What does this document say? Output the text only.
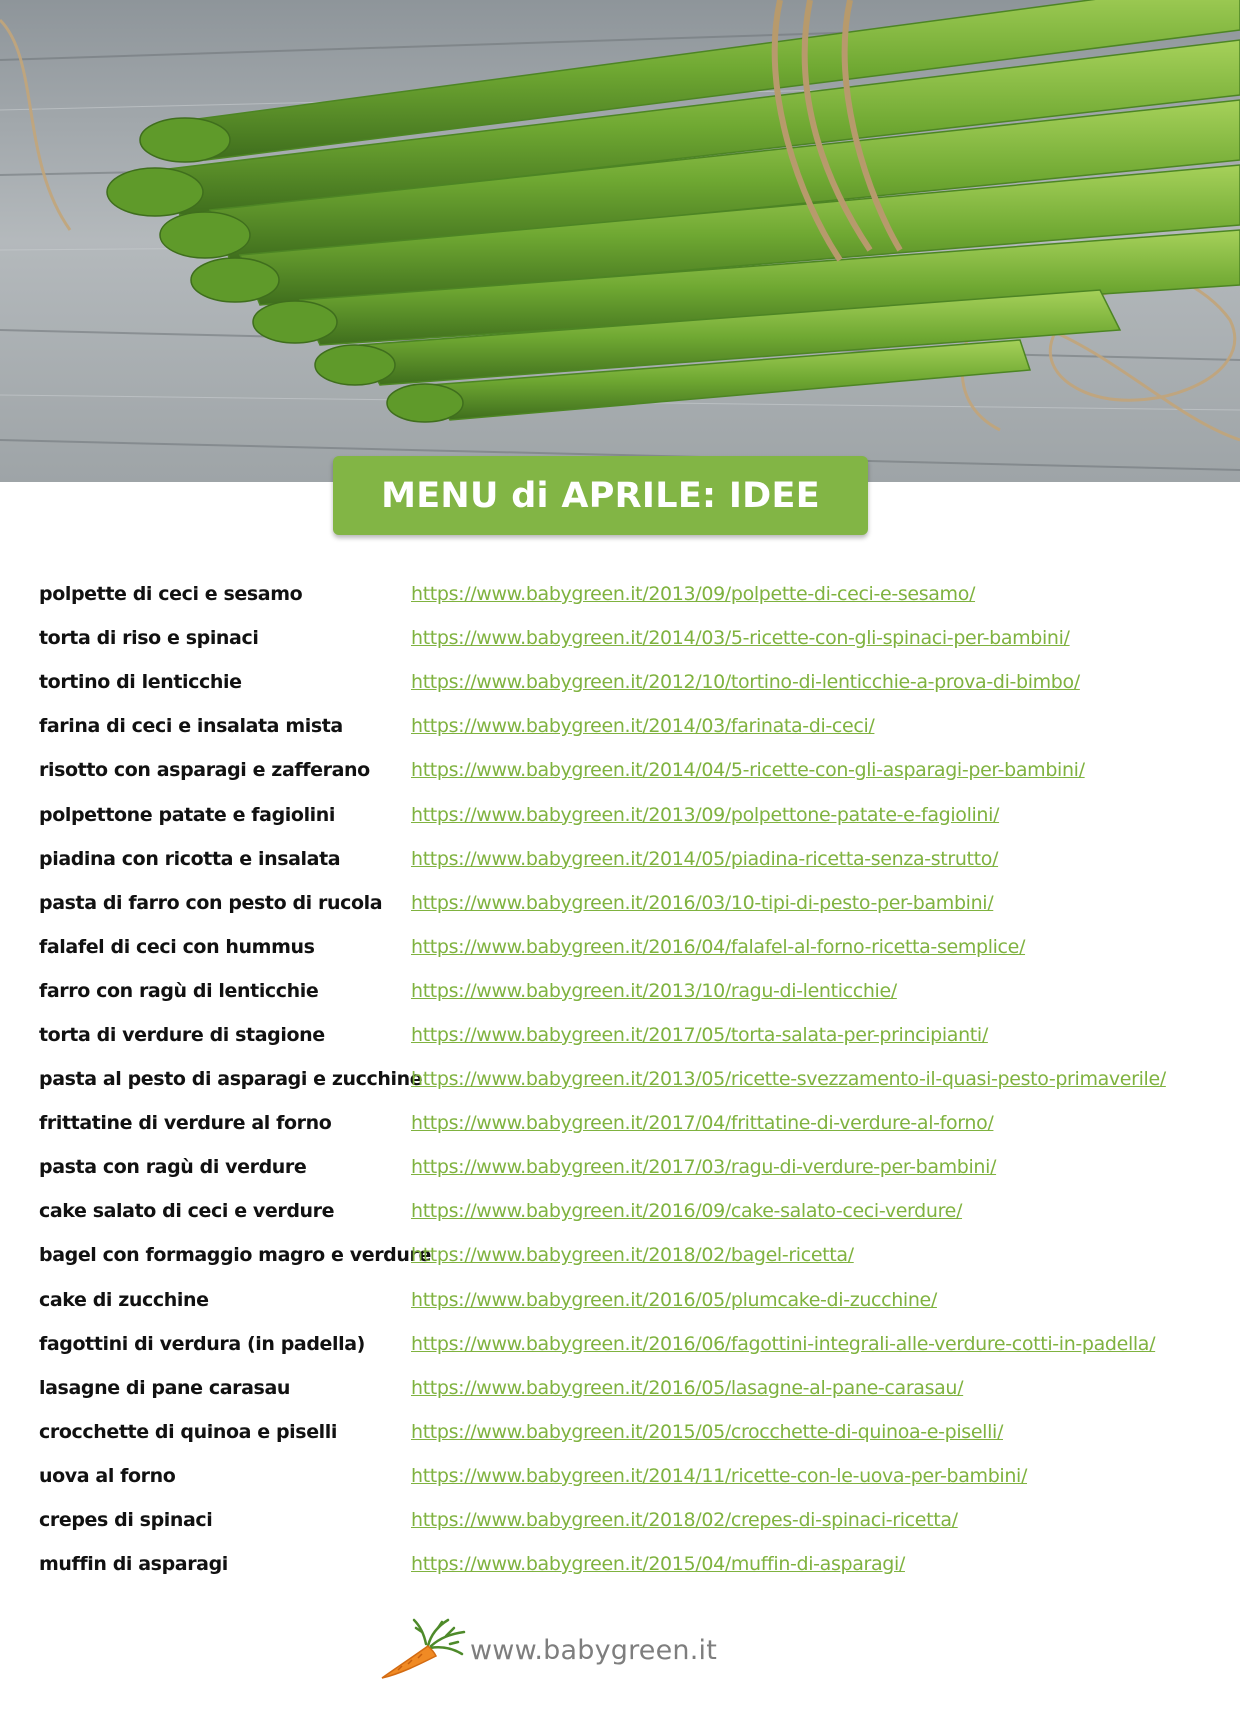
MENU di APRILE: IDEE
polpette di ceci e sesamo	https://www.babygreen.it/2013/09/polpette-di-ceci-e-sesamo/
torta di riso e spinaci	https://www.babygreen.it/2014/03/5-ricette-con-gli-spinaci-per-bambini/
tortino di lenticchie	https://www.babygreen.it/2012/10/tortino-di-lenticchie-a-prova-di-bimbo/
farina di ceci e insalata mista	https://www.babygreen.it/2014/03/farinata-di-ceci/
risotto con asparagi e zafferano	https://www.babygreen.it/2014/04/5-ricette-con-gli-asparagi-per-bambini/
polpettone patate e fagiolini	https://www.babygreen.it/2013/09/polpettone-patate-e-fagiolini/
piadina con ricotta e insalata	https://www.babygreen.it/2014/05/piadina-ricetta-senza-strutto/
pasta di farro con pesto di rucola	https://www.babygreen.it/2016/03/10-tipi-di-pesto-per-bambini/
falafel di ceci con hummus	https://www.babygreen.it/2016/04/falafel-al-forno-ricetta-semplice/
farro con ragù di lenticchie	https://www.babygreen.it/2013/10/ragu-di-lenticchie/
torta di verdure di stagione	https://www.babygreen.it/2017/05/torta-salata-per-principianti/
pasta al pesto di asparagi e zucchine
https://www.babygreen.it/2013/05/ricette-svezzamento-il-quasi-pesto-primaverile/
frittatine di verdure al forno	https://www.babygreen.it/2017/04/frittatine-di-verdure-al-forno/
pasta con ragù di verdure	https://www.babygreen.it/2017/03/ragu-di-verdure-per-bambini/
cake salato di ceci e verdure	https://www.babygreen.it/2016/09/cake-salato-ceci-verdure/
bagel con formaggio magro e verdure
https://www.babygreen.it/2018/02/bagel-ricetta/
cake di zucchine	https://www.babygreen.it/2016/05/plumcake-di-zucchine/
fagottini di verdura (in padella)	https://www.babygreen.it/2016/06/fagottini-integrali-alle-verdure-cotti-in-padella/
lasagne di pane carasau	https://www.babygreen.it/2016/05/lasagne-al-pane-carasau/
crocchette di quinoa e piselli	https://www.babygreen.it/2015/05/crocchette-di-quinoa-e-piselli/
uova al forno	https://www.babygreen.it/2014/11/ricette-con-le-uova-per-bambini/
crepes di spinaci	https://www.babygreen.it/2018/02/crepes-di-spinaci-ricetta/
muffin di asparagi	https://www.babygreen.it/2015/04/muffin-di-asparagi/
www.babygreen.it
